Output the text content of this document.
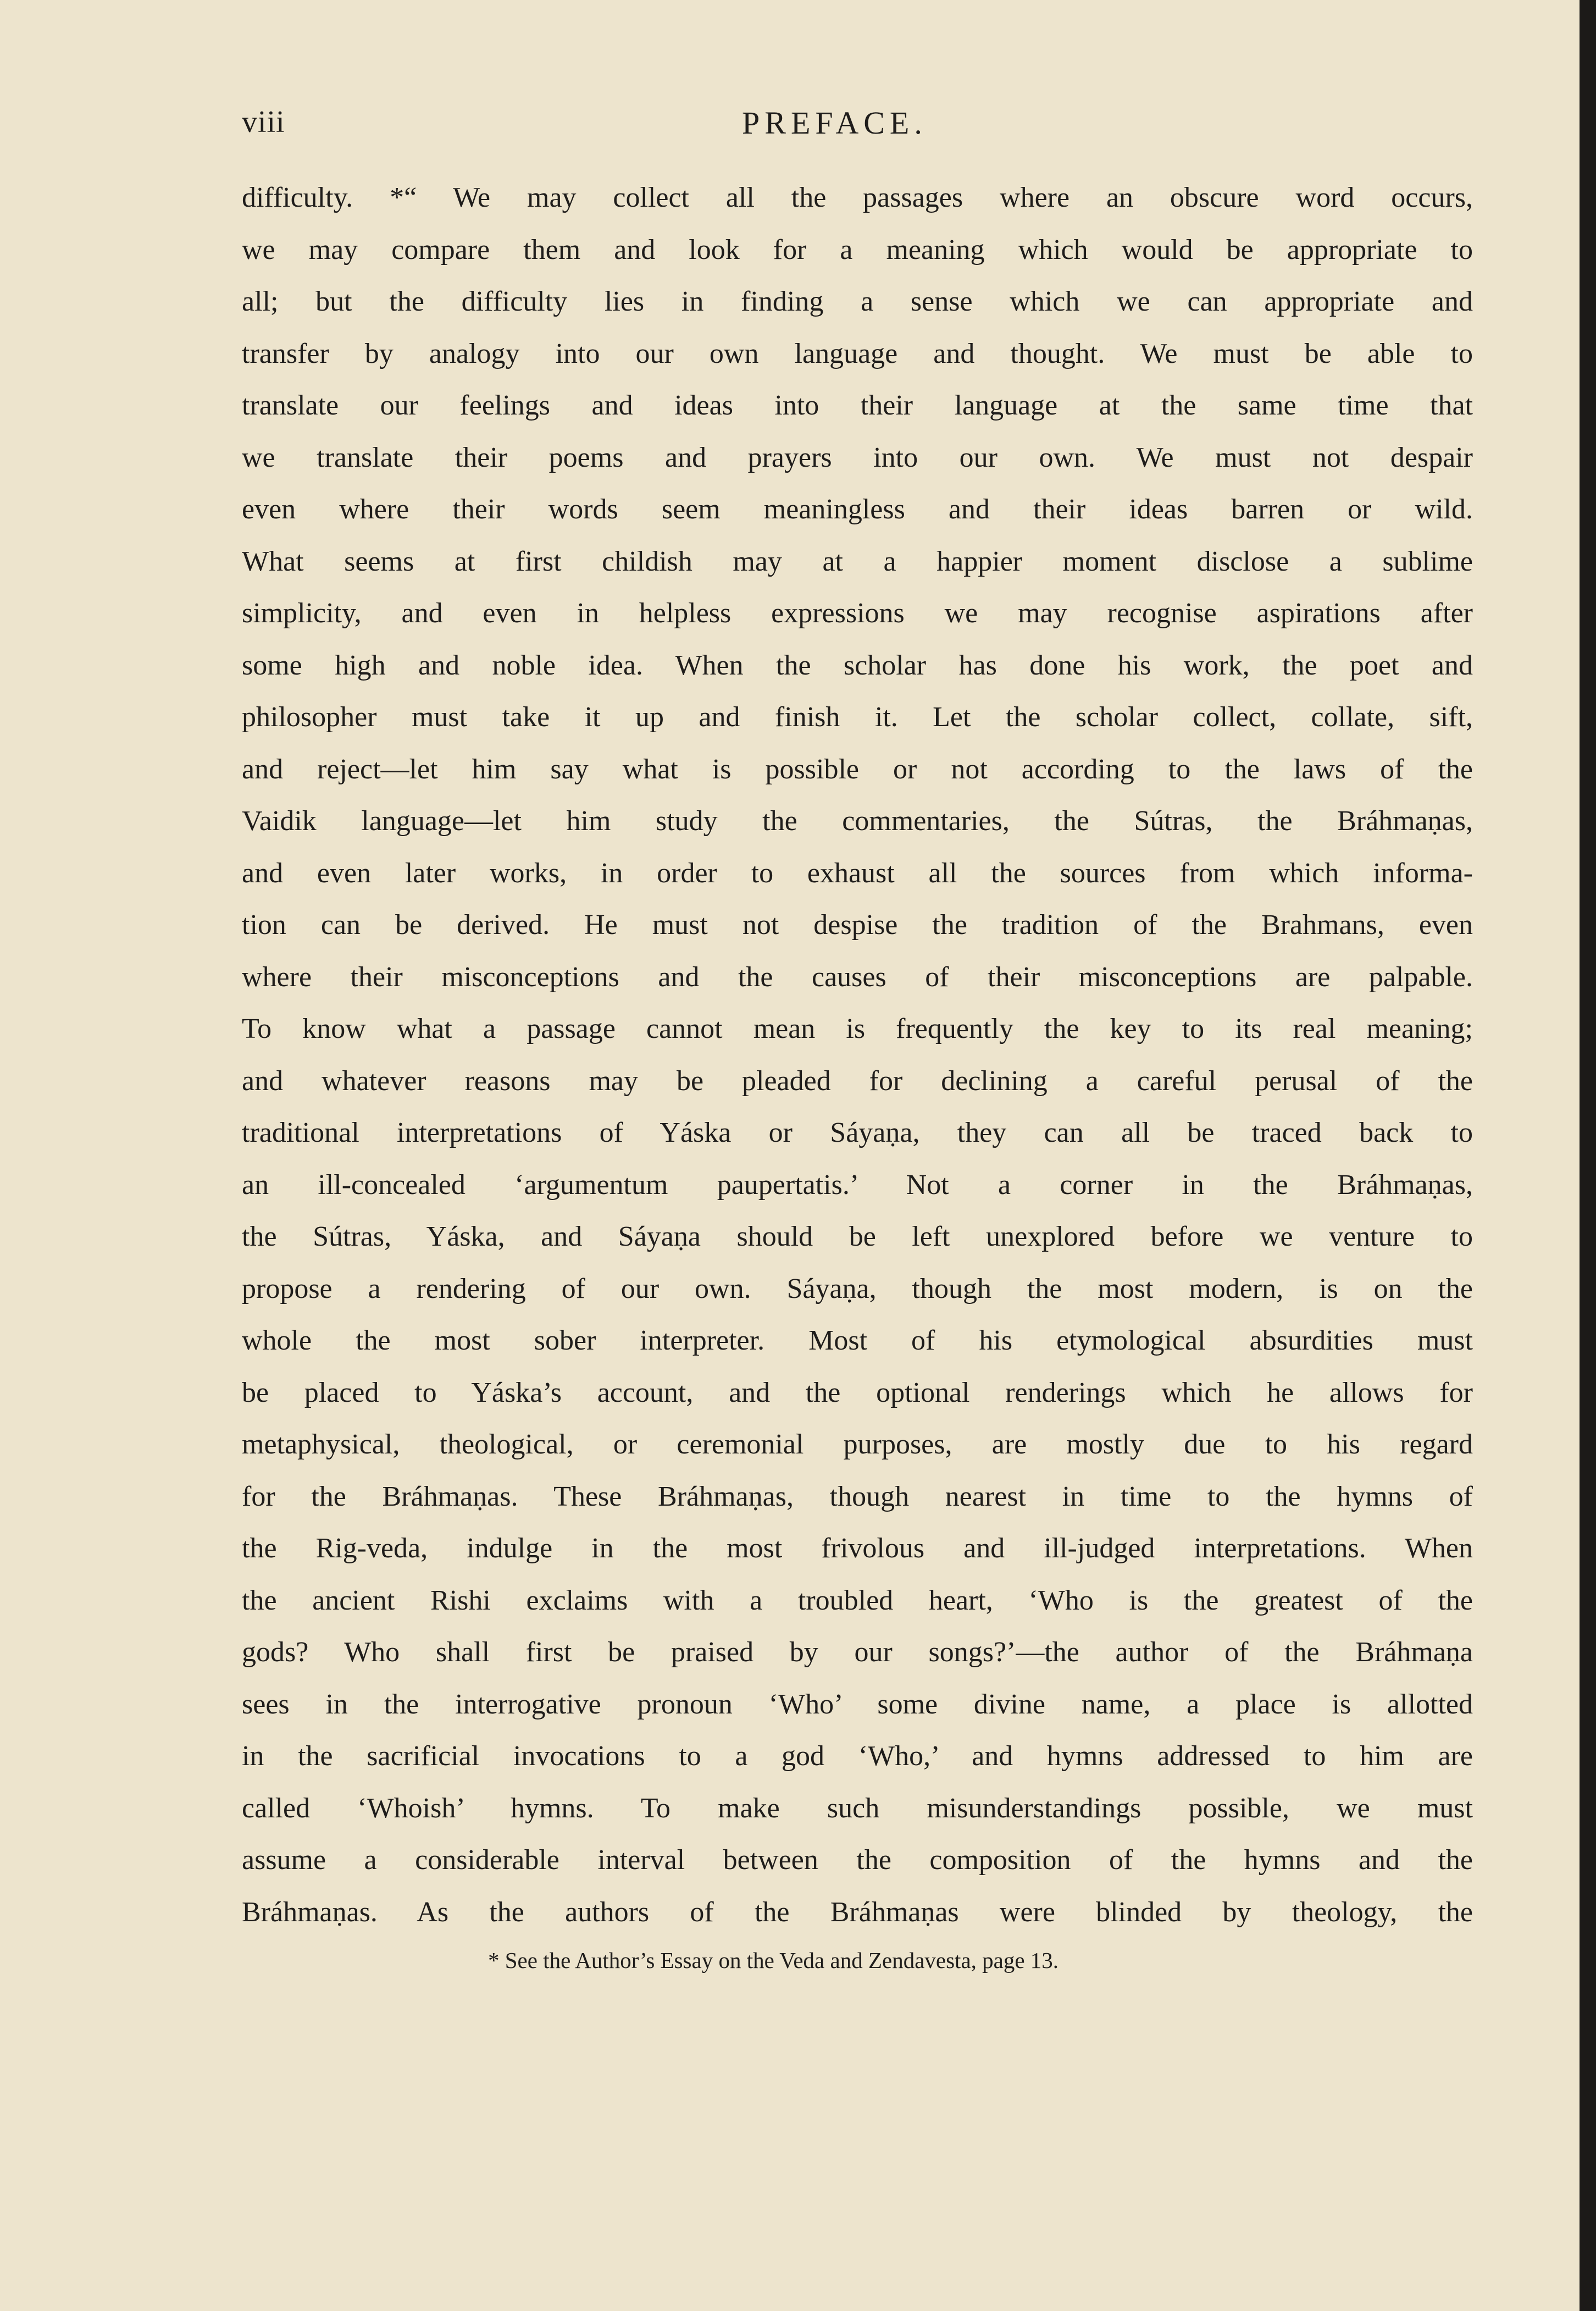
viii	PREFACE.
difficulty. *“ We may collect all the passages where an obscure word occurs,
we may compare them and look for a meaning which would be appropriate to
all; but the difficulty lies in finding a sense which we can appropriate and
transfer by analogy into our own language and thought. We must be able to
translate our feelings and ideas into their language at the same time that
we translate their poems and prayers into our own. We must not despair
even where their words seem meaningless and their ideas barren or wild.
What seems at first childish may at a happier moment disclose a sublime
simplicity, and even in helpless expressions we may recognise aspirations after
some high and noble idea. When the scholar has done his work, the poet and
philosopher must take it up and finish it. Let the scholar collect, collate, sift,
and reject—let him say what is possible or not according to the laws of the
Vaidik language—let him study the commentaries, the Sútras, the Bráhmaṇas,
and even later works, in order to exhaust all the sources from which informa-
tion can be derived. He must not despise the tradition of the Brahmans, even
where their misconceptions and the causes of their misconceptions are palpable.
To know what a passage cannot mean is frequently the key to its real meaning;
and whatever reasons may be pleaded for declining a careful perusal of the
traditional interpretations of Yáska or Sáyaṇa, they can all be traced back to
an ill-concealed ‘argumentum paupertatis.’ Not a corner in the Bráhmaṇas,
the Sútras, Yáska, and Sáyaṇa should be left unexplored before we venture to
propose a rendering of our own. Sáyaṇa, though the most modern, is on the
whole the most sober interpreter. Most of his etymological absurdities must
be placed to Yáska’s account, and the optional renderings which he allows for
metaphysical, theological, or ceremonial purposes, are mostly due to his regard
for the Bráhmaṇas. These Bráhmaṇas, though nearest in time to the hymns of
the Rig-veda, indulge in the most frivolous and ill-judged interpretations. When
the ancient Rishi exclaims with a troubled heart, ‘Who is the greatest of the
gods? Who shall first be praised by our songs?’—the author of the Bráhmaṇa
sees in the interrogative pronoun ‘Who’ some divine name, a place is allotted
in the sacrificial invocations to a god ‘Who,’ and hymns addressed to him are
called ‘Whoish’ hymns. To make such misunderstandings possible, we must
assume a considerable interval between the composition of the hymns and the
Bráhmaṇas. As the authors of the Bráhmaṇas were blinded by theology, the
* See the Author’s Essay on the Veda and Zendavesta, page 13.
